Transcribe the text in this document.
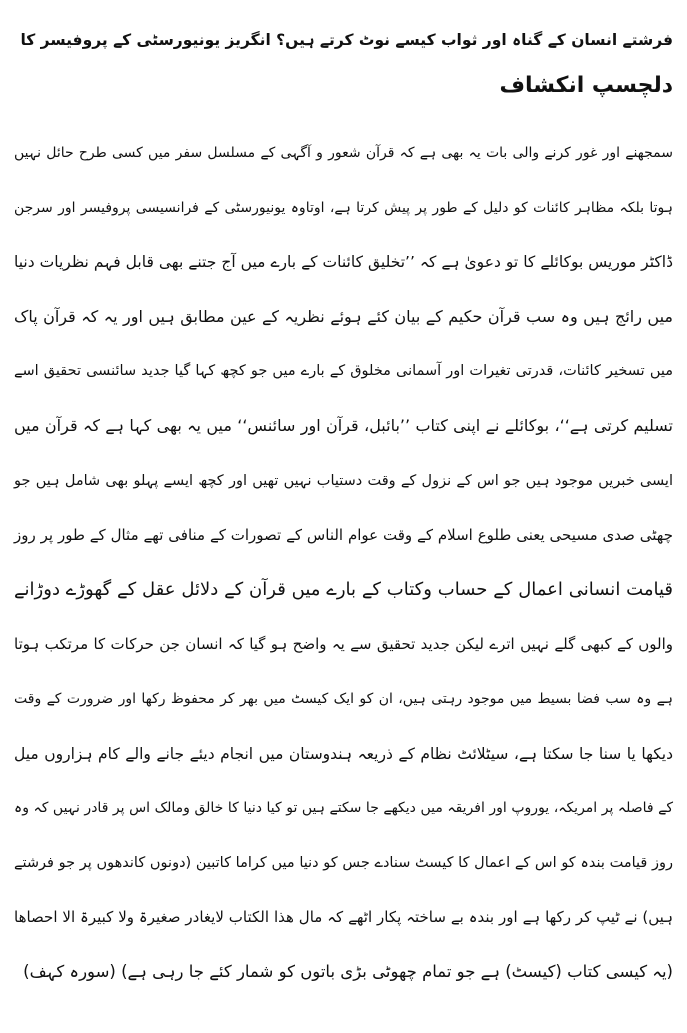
فرشتے انسان کے گناہ اور ثواب کیسے نوٹ کرتے ہیں؟ انگریز یونیورسٹی کے پروفیسر کا
دلچسپ انکشاف
سمجھنے اور غور کرنے والی بات یہ بھی ہے کہ قرآن شعور و آگہی کے مسلسل سفر میں کسی طرح حائل نہیں
ہوتا بلکہ مظاہر کائنات کو دلیل کے طور پر پیش کرتا ہے، اوتاوہ یونیورسٹی کے فرانسیسی پروفیسر اور سرجن
ڈاکٹر موریس بوکائلے کا تو دعویٰ ہے کہ ’’تخلیق کائنات کے بارے میں آج جتنے بھی قابل فہم نظریات دنیا
میں رائج ہیں وہ سب قرآن حکیم کے بیان کئے ہوئے نظریہ کے عین مطابق ہیں اور یہ کہ قرآن پاک
میں تسخیر کائنات، قدرتی تغیرات اور آسمانی مخلوق کے بارے میں جو کچھ کہا گیا جدید سائنسی تحقیق اسے
تسلیم کرتی ہے‘‘، بوکائلے نے اپنی کتاب ’’بائبل، قرآن اور سائنس‘‘ میں یہ بھی کہا ہے کہ قرآن میں
ایسی خبریں موجود ہیں جو اس کے نزول کے وقت دستیاب نہیں تھیں اور کچھ ایسے پہلو بھی شامل ہیں جو
چھٹی صدی مسیحی یعنی طلوع اسلام کے وقت عوام الناس کے تصورات کے منافی تھے مثال کے طور پر روز
قیامت انسانی اعمال کے حساب وکتاب کے بارے میں قرآن کے دلائل عقل کے گھوڑے دوڑانے
والوں کے کبھی گلے نہیں اترے لیکن جدید تحقیق سے یہ واضح ہو گیا کہ انسان جن حرکات کا مرتکب ہوتا
ہے وہ سب فضا بسیط میں موجود رہتی ہیں، ان کو ایک کیسٹ میں بھر کر محفوظ رکھا اور ضرورت کے وقت
دیکھا یا سنا جا سکتا ہے، سیٹلائٹ نظام کے ذریعہ ہندوستان میں انجام دیئے جانے والے کام ہزاروں میل
کے فاصلہ پر امریکہ، یوروپ اور افریقہ میں دیکھے جا سکتے ہیں تو کیا دنیا کا خالق ومالک اس پر قادر نہیں کہ وہ
روز قیامت بندہ کو اس کے اعمال کا کیسٹ سنادے جس کو دنیا میں کراما کاتبین (دونوں کاندھوں پر جو فرشتے
ہیں) نے ٹیپ کر رکھا ہے اور بندہ بے ساختہ پکار اٹھے کہ مال ھذا الکتاب لایغادر صغیرۃ ولا کبیرۃ الا احصاھا
(یہ کیسی کتاب (کیسٹ) ہے جو تمام چھوٹی بڑی باتوں کو شمار کئے جا رہی ہے) (سورہ کہف)
